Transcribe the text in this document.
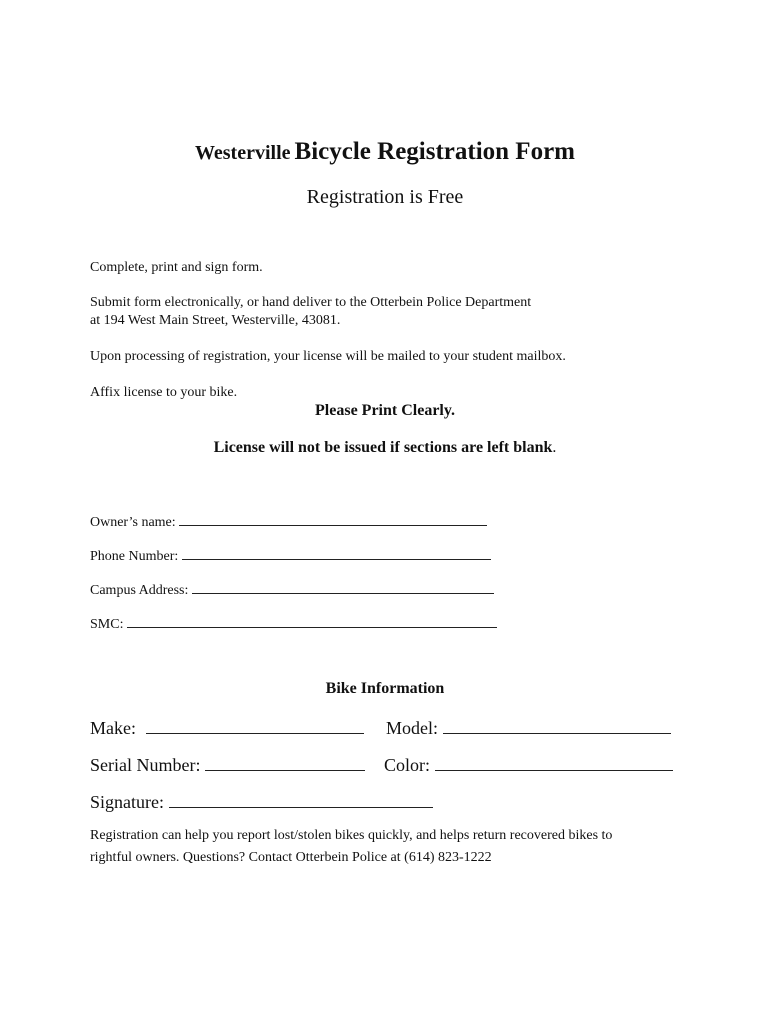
Westerville Bicycle Registration Form
Registration is Free
Complete, print and sign form.
Submit form electronically, or hand deliver to the Otterbein Police Department
at 194 West Main Street, Westerville, 43081.
Upon processing of registration, your license will be mailed to your student mailbox.
Affix license to your bike.
Please Print Clearly.
License will not be issued if sections are left blank.
Owner’s name:
Phone Number:
Campus Address:
SMC:
Bike Information
Make:	Model:
Serial Number:	Color:
Signature:
Registration can help you report lost/stolen bikes quickly, and helps return recovered bikes to
rightful owners. Questions? Contact Otterbein Police at (614) 823-1222
